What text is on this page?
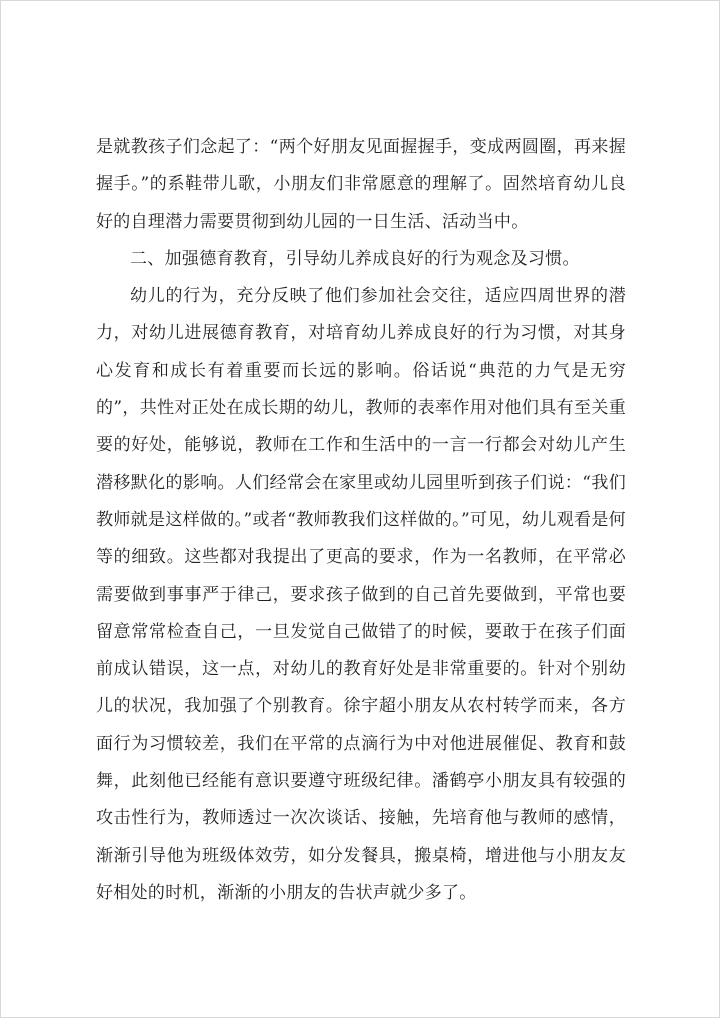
是就教孩子们念起了：“两个好朋友见面握握手，变成两圆圈，再来握握手。”的系鞋带儿歌，小朋友们非常愿意的理解了。固然培育幼儿良好的自理潜力需要贯彻到幼儿园的一日生活、活动当中。

二、加强德育教育，引导幼儿养成良好的行为观念及习惯。

幼儿的行为，充分反映了他们参加社会交往，适应四周世界的潜力，对幼儿进展德育教育，对培育幼儿养成良好的行为习惯，对其身心发育和成长有着重要而长远的影响。俗话说“典范的力气是无穷的”，共性对正处在成长期的幼儿，教师的表率作用对他们具有至关重要的好处，能够说，教师在工作和生活中的一言一行都会对幼儿产生潜移默化的影响。人们经常会在家里或幼儿园里听到孩子们说：“我们教师就是这样做的。”或者“教师教我们这样做的。”可见，幼儿观看是何等的细致。这些都对我提出了更高的要求，作为一名教师，在平常必需要做到事事严于律己，要求孩子做到的自己首先要做到，平常也要留意常常检查自己，一旦发觉自己做错了的时候，要敢于在孩子们面前成认错误，这一点，对幼儿的教育好处是非常重要的。针对个别幼儿的状况，我加强了个别教育。徐宇超小朋友从农村转学而来，各方面行为习惯较差，我们在平常的点滴行为中对他进展催促、教育和鼓舞，此刻他已经能有意识要遵守班级纪律。潘鹤亭小朋友具有较强的攻击性行为，教师透过一次次谈话、接触，先培育他与教师的感情，渐渐引导他为班级体效劳，如分发餐具，搬桌椅，增进他与小朋友友好相处的时机，渐渐的小朋友的告状声就少多了。
